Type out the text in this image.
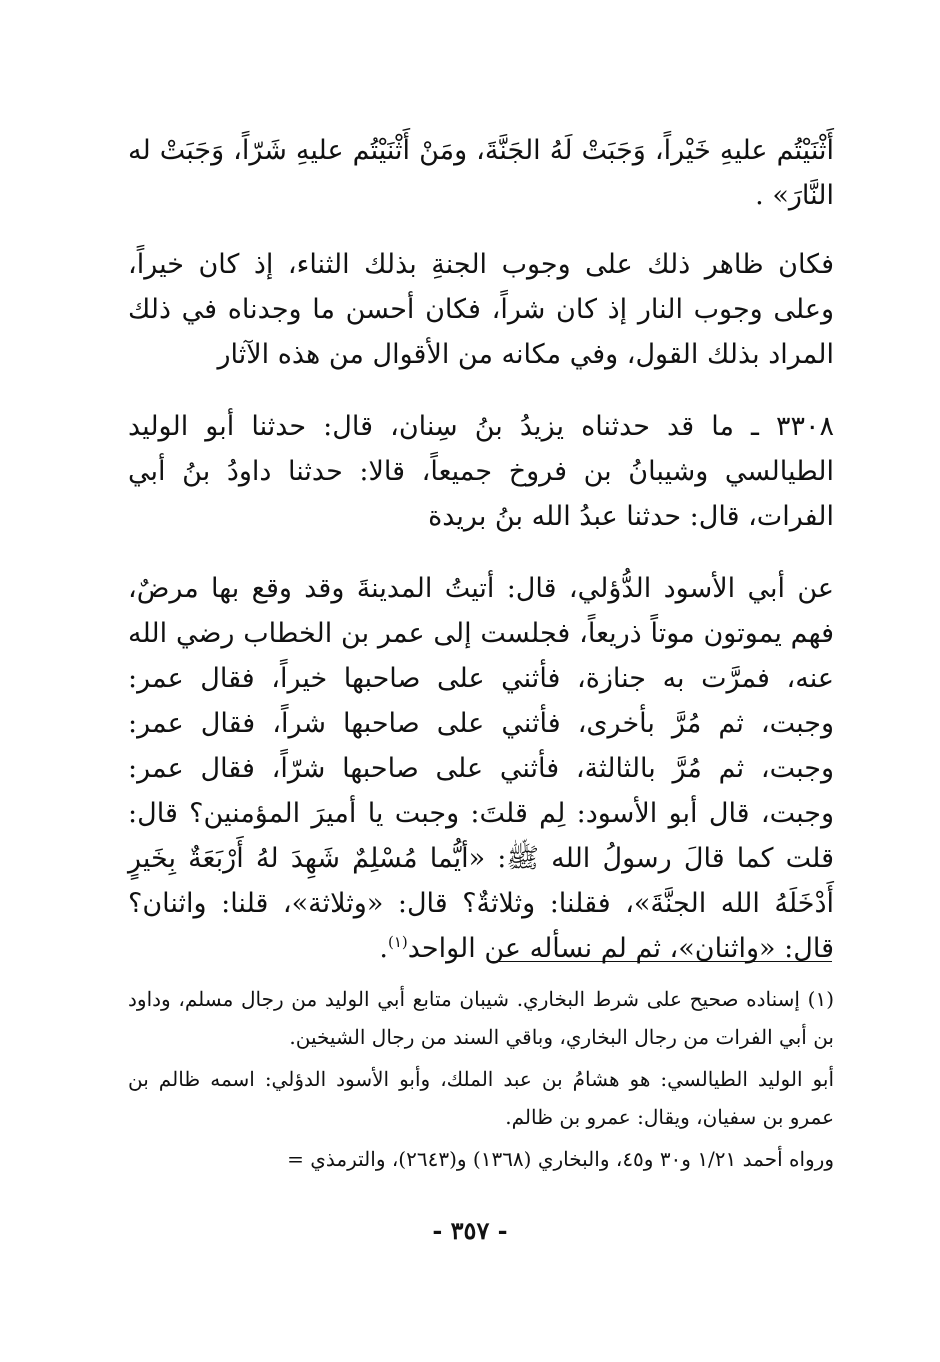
أَثْنَيْتُم عليهِ خَيْراً، وَجَبَتْ لَهُ الجَنَّةَ، ومَنْ أَثْنَيْتُم عليهِ شَرّاً، وَجَبَتْ له النَّارَ» .

فكان ظاهر ذلك على وجوب الجنةِ بذلك الثناء، إذ كان خيراً، وعلى وجوب النار إذ كان شراً، فكان أحسن ما وجدناه في ذلك المراد بذلك القول، وفي مكانه من الأقوال من هذه الآثار

٣٣٠٨ ـ ما قد حدثناه يزيدُ بنُ سِنان، قال: حدثنا أبو الوليد الطيالسي وشيبانُ بن فروخ جميعاً، قالا: حدثنا داودُ بنُ أبي الفرات، قال: حدثنا عبدُ الله بنُ بريدة

عن أبي الأسود الدُّؤلي، قال: أتيتُ المدينةَ وقد وقع بها مرضٌ، فهم يموتون موتاً ذريعاً، فجلست إلى عمر بن الخطاب رضي الله عنه، فمرَّت به جنازة، فأثني على صاحبها خيراً، فقال عمر: وجبت، ثم مُرَّ بأخرى، فأثني على صاحبها شراً، فقال عمر: وجبت، ثم مُرَّ بالثالثة، فأثني على صاحبها شرّاً، فقال عمر: وجبت، قال أبو الأسود: لِم قلتَ: وجبت يا أميرَ المؤمنين؟ قال: قلت كما قالَ رسولُ الله ﷺ: «أيُّما مُسْلِمٌ شَهِدَ لهُ أَرْبَعَةٌ بِخَيرٍ أَدْخَلَهُ الله الجنَّةَ»، فقلنا: وثلاثةٌ؟ قال: «وثلاثة»، قلنا: واثنان؟ قال: «واثنان»، ثم لم نسأله عن الواحد$^{(١)}$.

(١) إسناده صحيح على شرط البخاري. شيبان متابع أبي الوليد من رجال مسلم، وداود بن أبي الفرات من رجال البخاري، وباقي السند من رجال الشيخين.

أبو الوليد الطيالسي: هو هشامُ بن عبد الملك، وأبو الأسود الدؤلي: اسمه ظالم بن عمرو بن سفيان، ويقال: عمرو بن ظالم.

ورواه أحمد ١/٢١ و٣٠ و٤٥، والبخاري (١٣٦٨) و(٢٦٤٣)، والترمذي =

- ٣٥٧ -
